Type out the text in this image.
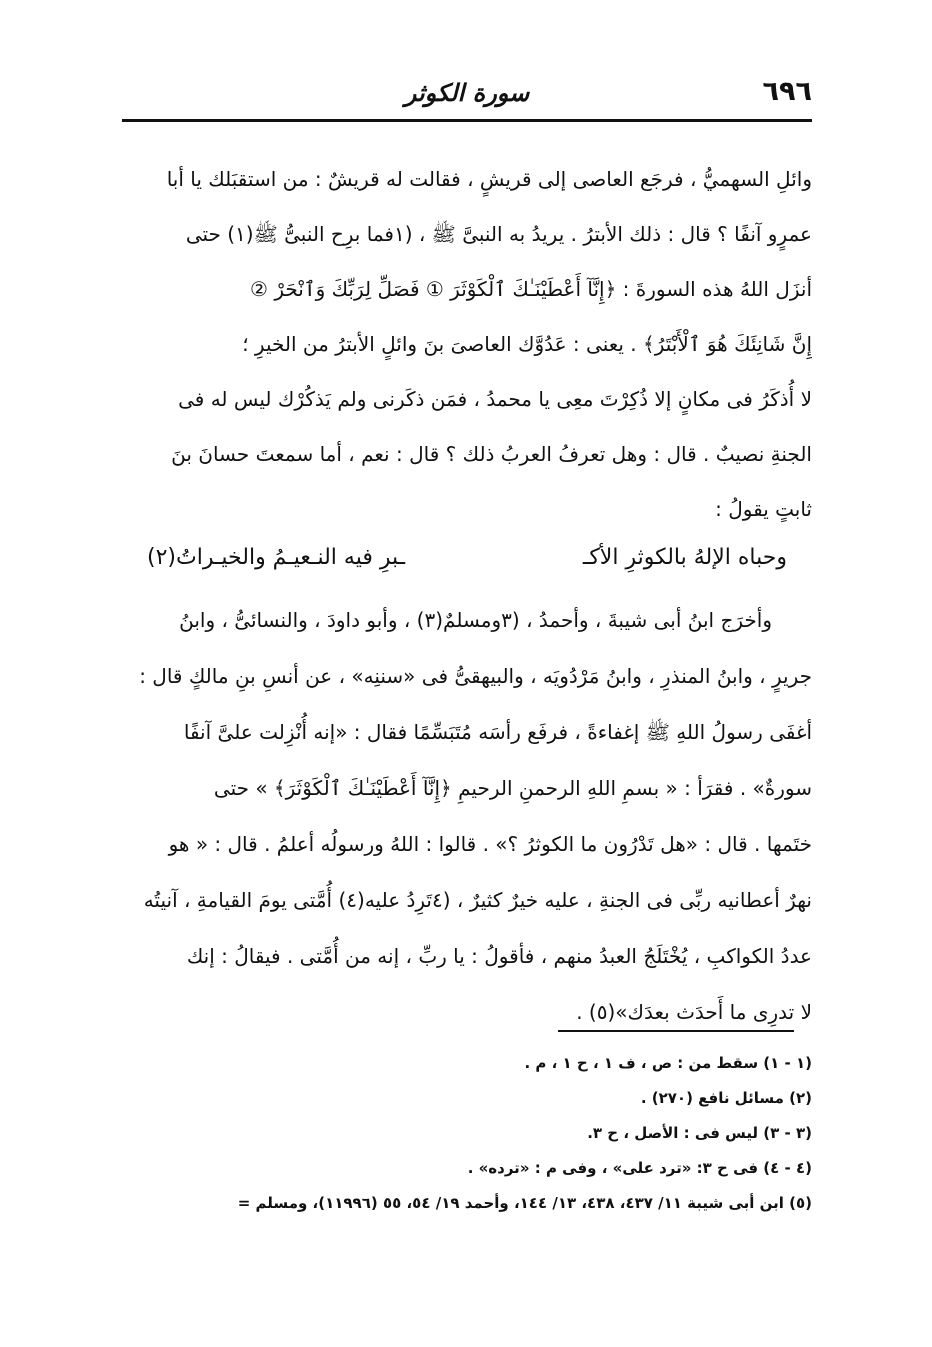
٦٩٦
سورة الكوثر
وائلِ السهميُّ ، فرجَع العاصى إلى قريشٍ ، فقالت له قريشٌ : من استقبَلك يا أبا
عمرٍو آنفًا ؟ قال : ذلك الأبترُ . يريدُ به النبىَّ ﷺ ، (١فما برِح النبىُّ ﷺ(١) حتى
أنزَل اللهُ هذه السورةَ : ﴿إِنَّآ أَعْطَيْنَـٰكَ ٱلْكَوْثَرَ ① فَصَلِّ لِرَبِّكَ وَٱنْحَرْ ②
إِنَّ شَانِئَكَ هُوَ ٱلْأَبْتَرُ﴾ . يعنى : عَدُوَّك العاصىَ بنَ وائلٍ الأبترُ من الخيرِ ؛
لا أُذكَرُ فى مكانٍ إلا ذُكِرْتَ معِى يا محمدُ ، فمَن ذكَرنى ولم يَذكُرْك ليس له فى
الجنةِ نصيبٌ . قال : وهل تعرفُ العربُ ذلك ؟ قال : نعم ، أما سمعتَ حسانَ بنَ
ثابتٍ يقولُ :
وحباه الإلهُ بالكوثرِ الأكـ
ـبرِ فيه النـعيـمُ والخيـراتُ(٢)
وأخرَج ابنُ أبى شيبةَ ، وأحمدُ ، (٣ومسلمٌ(٣) ، وأبو داودَ ، والنسائىُّ ، وابنُ
جريرٍ ، وابنُ المنذرِ ، وابنُ مَرْدُويَه ، والبيهقىُّ فى «سننِه» ، عن أنسِ بنِ مالكٍ قال :
أغفَى رسولُ اللهِ ﷺ إغفاءةً ، فرفَع رأسَه مُتَبَسِّمًا فقال : «إنه أُنْزِلت علىَّ آنفًا
سورةٌ» . فقرَأ : « بسمِ اللهِ الرحمنِ الرحيمِ ﴿إِنَّآ أَعْطَيْنَـٰكَ ٱلْكَوْثَرَ﴾ » حتى
ختَمها . قال : «هل تَدْرُون ما الكوثرُ ؟» . قالوا : اللهُ ورسولُه أعلمُ . قال : « هو
نهرٌ أعطانيه ربِّى فى الجنةِ ، عليه خيرٌ كثيرٌ ، (٤تَرِدُ عليه(٤) أُمَّتى يومَ القيامةِ ، آنيتُه
عددُ الكواكبِ ، يُخْتَلَجُ العبدُ منهم ، فأقولُ : يا ربِّ ، إنه من أُمَّتى . فيقالُ : إنك
لا تدرِى ما أَحدَث بعدَك»(٥) .
(١ - ١) سقط من : ص ، ف ١ ، ح ١ ، م .
(٢) مسائل نافع (٢٧٠) .
(٣ - ٣) ليس فى : الأصل ، ح ٣.
(٤ - ٤) فى ح ٣: «ترد على» ، وفى م : «ترده» .
(٥) ابن أبى شيبة ١١/ ٤٣٧، ٤٣٨، ١٣/ ١٤٤، وأحمد ١٩/ ٥٤، ٥٥ (١١٩٩٦)، ومسلم =
